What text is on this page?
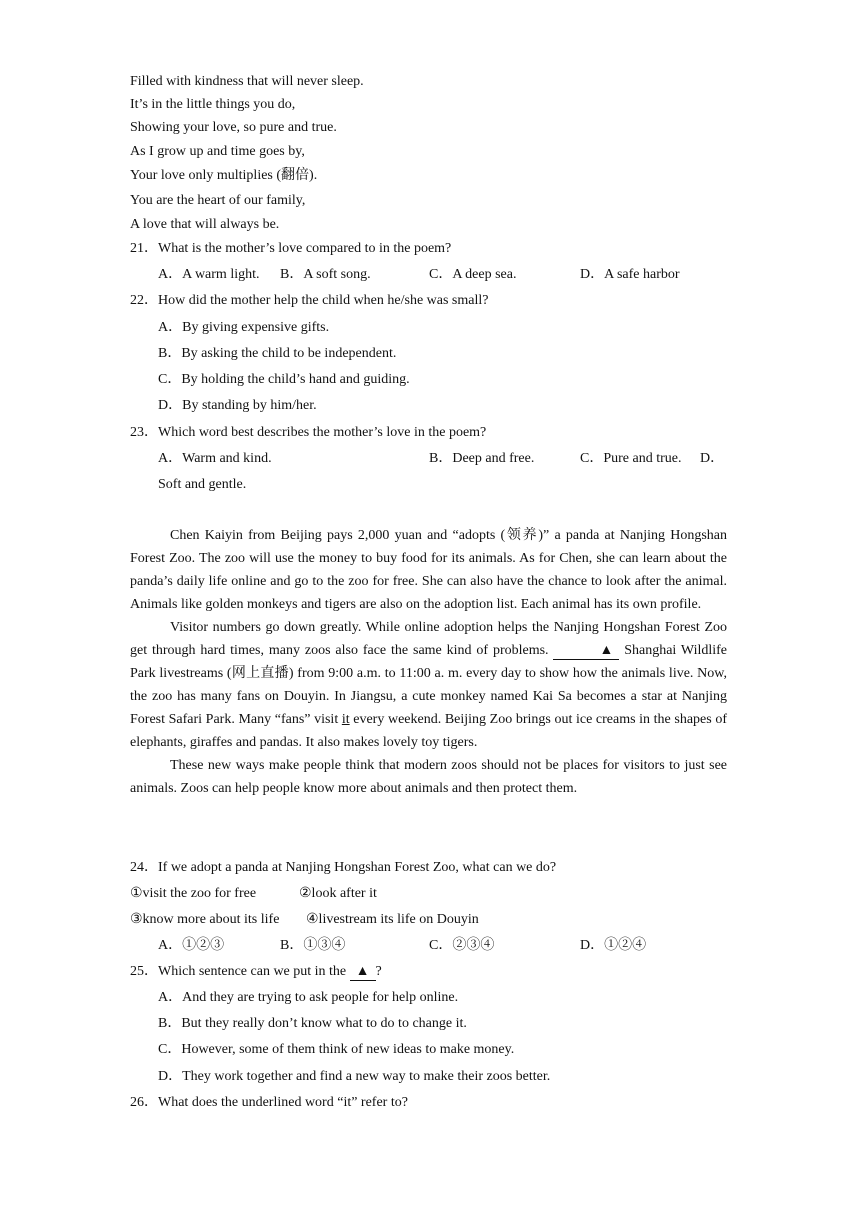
Filled with kindness that will never sleep.
It’s in the little things you do,
Showing your love, so pure and true.
As I grow up and time goes by,
Your love only multiplies (翻倍).
You are the heart of our family,
A love that will always be.
21．What is the mother’s love compared to in the poem?
A．A warm light. B．A soft song.	C．A deep sea.	D．A safe harbor
22．How did the mother help the child when he/she was small?
A．By giving expensive gifts.
B．By asking the child to be independent.
C．By holding the child’s hand and guiding.
D．By standing by him/her.
23．Which word best describes the mother’s love in the poem?
A．Warm and kind.	B．Deep and free.	C．Pure and true. D．
Soft and gentle.

Chen Kaiyin from Beijing pays 2,000 yuan and “adopts (领养)” a panda at Nanjing Hongshan Forest Zoo. The zoo will use the money to buy food for its animals. As for Chen, she can learn about the panda’s daily life online and go to the zoo for free. She can also have the chance to look after the animal. Animals like golden monkeys and tigers are also on the adoption list. Each animal has its own profile.

Visitor numbers go down greatly. While online adoption helps the Nanjing Hongshan Forest Zoo get through hard times, many zoos also face the same kind of problems.	▲ Shanghai Wildlife Park livestreams (网上直播) from 9:00 a.m. to 11:00 a. m. every day to show how the animals live. Now, the zoo has many fans on Douyin. In Jiangsu, a cute monkey named Kai Sa becomes a star at Nanjing Forest Safari Park. Many “fans” visit it every weekend. Beijing Zoo brings out ice creams in the shapes of elephants, giraffes and pandas. It also makes lovely toy tigers.

These new ways make people think that modern zoos should not be places for visitors to just see animals. Zoos can help people know more about animals and then protect them.

24．If we adopt a panda at Nanjing Hongshan Forest Zoo, what can we do?
①visit the zoo for free	②look after it
③know more about its life ④livestream its life on Douyin
A．①②③	B．①③④	C．②③④	D．①②④
25．Which sentence can we put in the ▲ ?
A．And they are trying to ask people for help online.
B．But they really don’t know what to do to change it.
C．However, some of them think of new ideas to make money.
D．They work together and find a new way to make their zoos better.
26．What does the underlined word “it” refer to?
